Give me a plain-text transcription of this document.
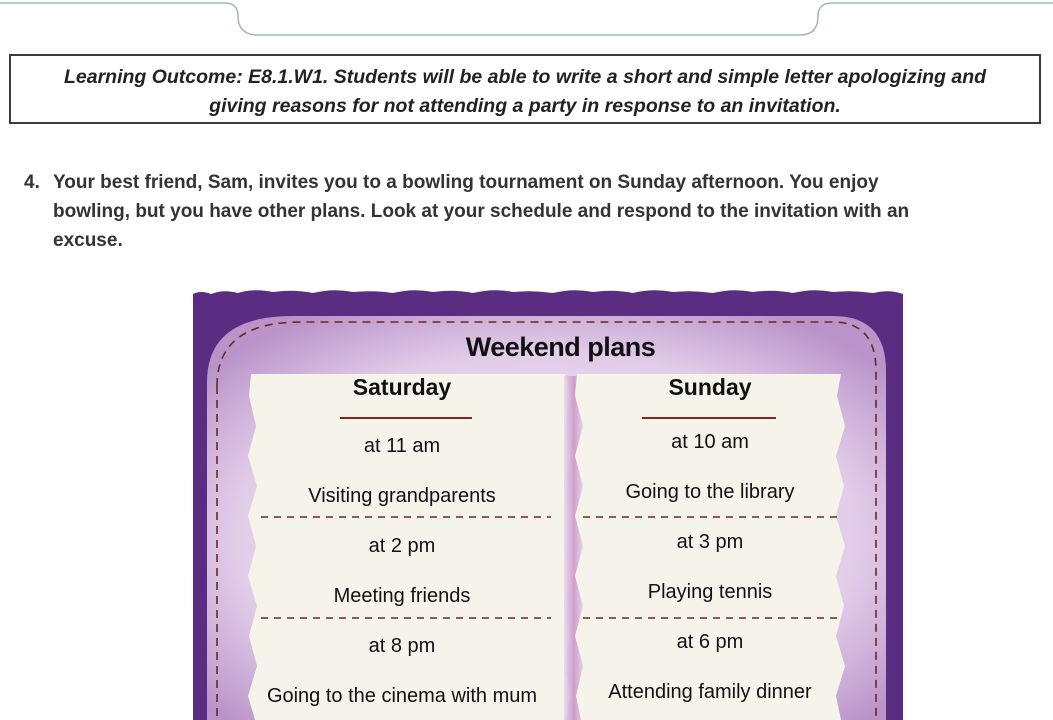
Learning Outcome: E8.1.W1. Students will be able to write a short and simple letter apologizing and
giving reasons for not attending a party in response to an invitation.
4. Your best friend, Sam, invites you to a bowling tournament on Sunday afternoon. You enjoy
bowling, but you have other plans. Look at your schedule and respond to the invitation with an
excuse.
Weekend plans
Saturday
at 11 am
Visiting grandparents
at 2 pm
Meeting friends
at 8 pm
Going to the cinema with mum
Sunday
at 10 am
Going to the library
at 3 pm
Playing tennis
at 6 pm
Attending family dinner
